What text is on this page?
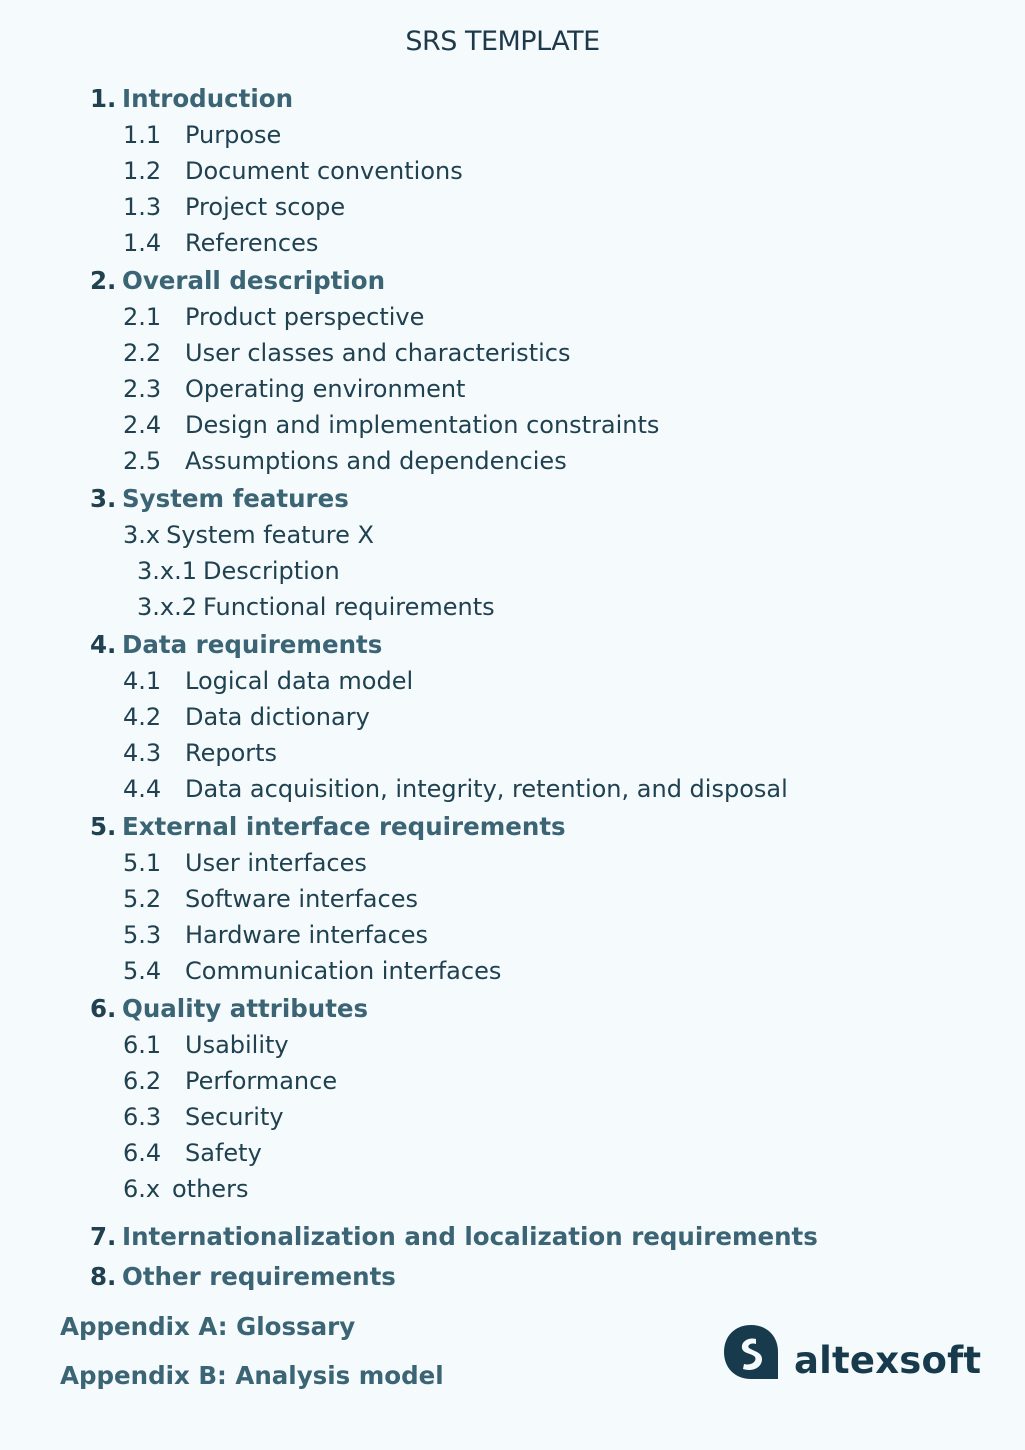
SRS TEMPLATE
1. Introduction
1.1 Purpose
1.2 Document conventions
1.3 Project scope
1.4 References
2. Overall description
2.1 Product perspective
2.2 User classes and characteristics
2.3 Operating environment
2.4 Design and implementation constraints
2.5 Assumptions and dependencies
3. System features
3.x System feature X
3.x.1 Description
3.x.2 Functional requirements
4. Data requirements
4.1 Logical data model
4.2 Data dictionary
4.3 Reports
4.4 Data acquisition, integrity, retention, and disposal
5. External interface requirements
5.1 User interfaces
5.2 Software interfaces
5.3 Hardware interfaces
5.4 Communication interfaces
6. Quality attributes
6.1 Usability
6.2 Performance
6.3 Security
6.4 Safety
6.x others
7. Internationalization and localization requirements
8. Other requirements
Appendix A: Glossary
Appendix B: Analysis model	altexsoft
